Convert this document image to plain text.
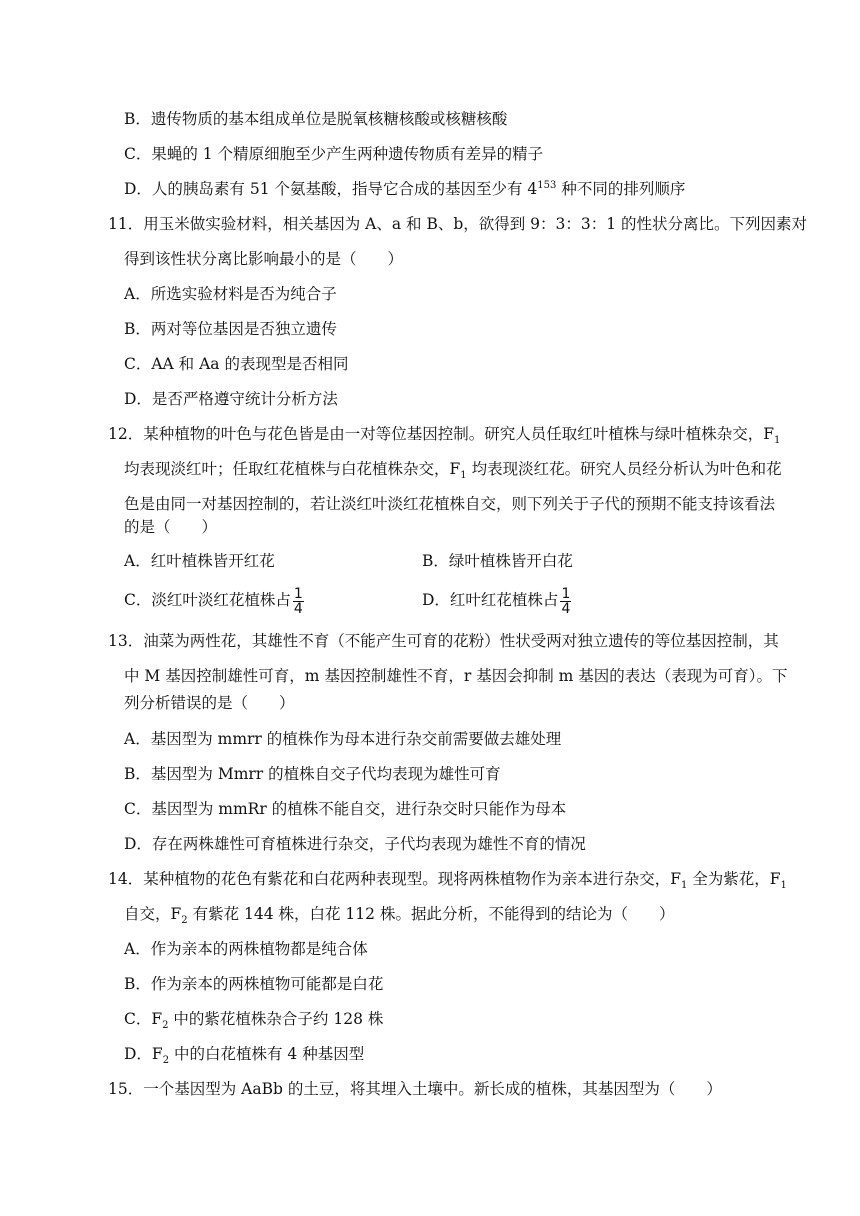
B．遗传物质的基本组成单位是脱氧核糖核酸或核糖核酸
C．果蝇的 1 个精原细胞至少产生两种遗传物质有差异的精子
D．人的胰岛素有 51 个氨基酸，指导它合成的基因至少有 $4^{153}$ 种不同的排列顺序
11．用玉米做实验材料，相关基因为 A、a 和 B、b，欲得到 9：3：3：1 的性状分离比。下列因素对
得到该性状分离比影响最小的是（　　）
A．所选实验材料是否为纯合子
B．两对等位基因是否独立遗传
C．AA 和 Aa 的表现型是否相同
D．是否严格遵守统计分析方法
12．某种植物的叶色与花色皆是由一对等位基因控制。研究人员任取红叶植株与绿叶植株杂交，$F_1$
均表现淡红叶；任取红花植株与白花植株杂交，$F_1$ 均表现淡红花。研究人员经分析认为叶色和花
色是由同一对基因控制的，若让淡红叶淡红花植株自交，则下列关于子代的预期不能支持该看法
的是（　　）
A．红叶植株皆开红花	B．绿叶植株皆开白花
C．淡红叶淡红花植株占 $\frac{1}{4}$	D．红叶红花植株占 $\frac{1}{4}$
13．油菜为两性花，其雄性不育（不能产生可育的花粉）性状受两对独立遗传的等位基因控制，其
中 M 基因控制雄性可育，m 基因控制雄性不育，r 基因会抑制 m 基因的表达（表现为可育）。下
列分析错误的是（　　）
A．基因型为 mmrr 的植株作为母本进行杂交前需要做去雄处理
B．基因型为 Mmrr 的植株自交子代均表现为雄性可育
C．基因型为 mmRr 的植株不能自交，进行杂交时只能作为母本
D．存在两株雄性可育植株进行杂交，子代均表现为雄性不育的情况
14．某种植物的花色有紫花和白花两种表现型。现将两株植物作为亲本进行杂交，$F_1$ 全为紫花，$F_1$
自交，$F_2$ 有紫花 144 株，白花 112 株。据此分析，不能得到的结论为（　　）
A．作为亲本的两株植物都是纯合体
B．作为亲本的两株植物可能都是白花
C．$F_2$ 中的紫花植株杂合子约 128 株
D．$F_2$ 中的白花植株有 4 种基因型
15．一个基因型为 AaBb 的土豆，将其埋入土壤中。新长成的植株，其基因型为（　　）
